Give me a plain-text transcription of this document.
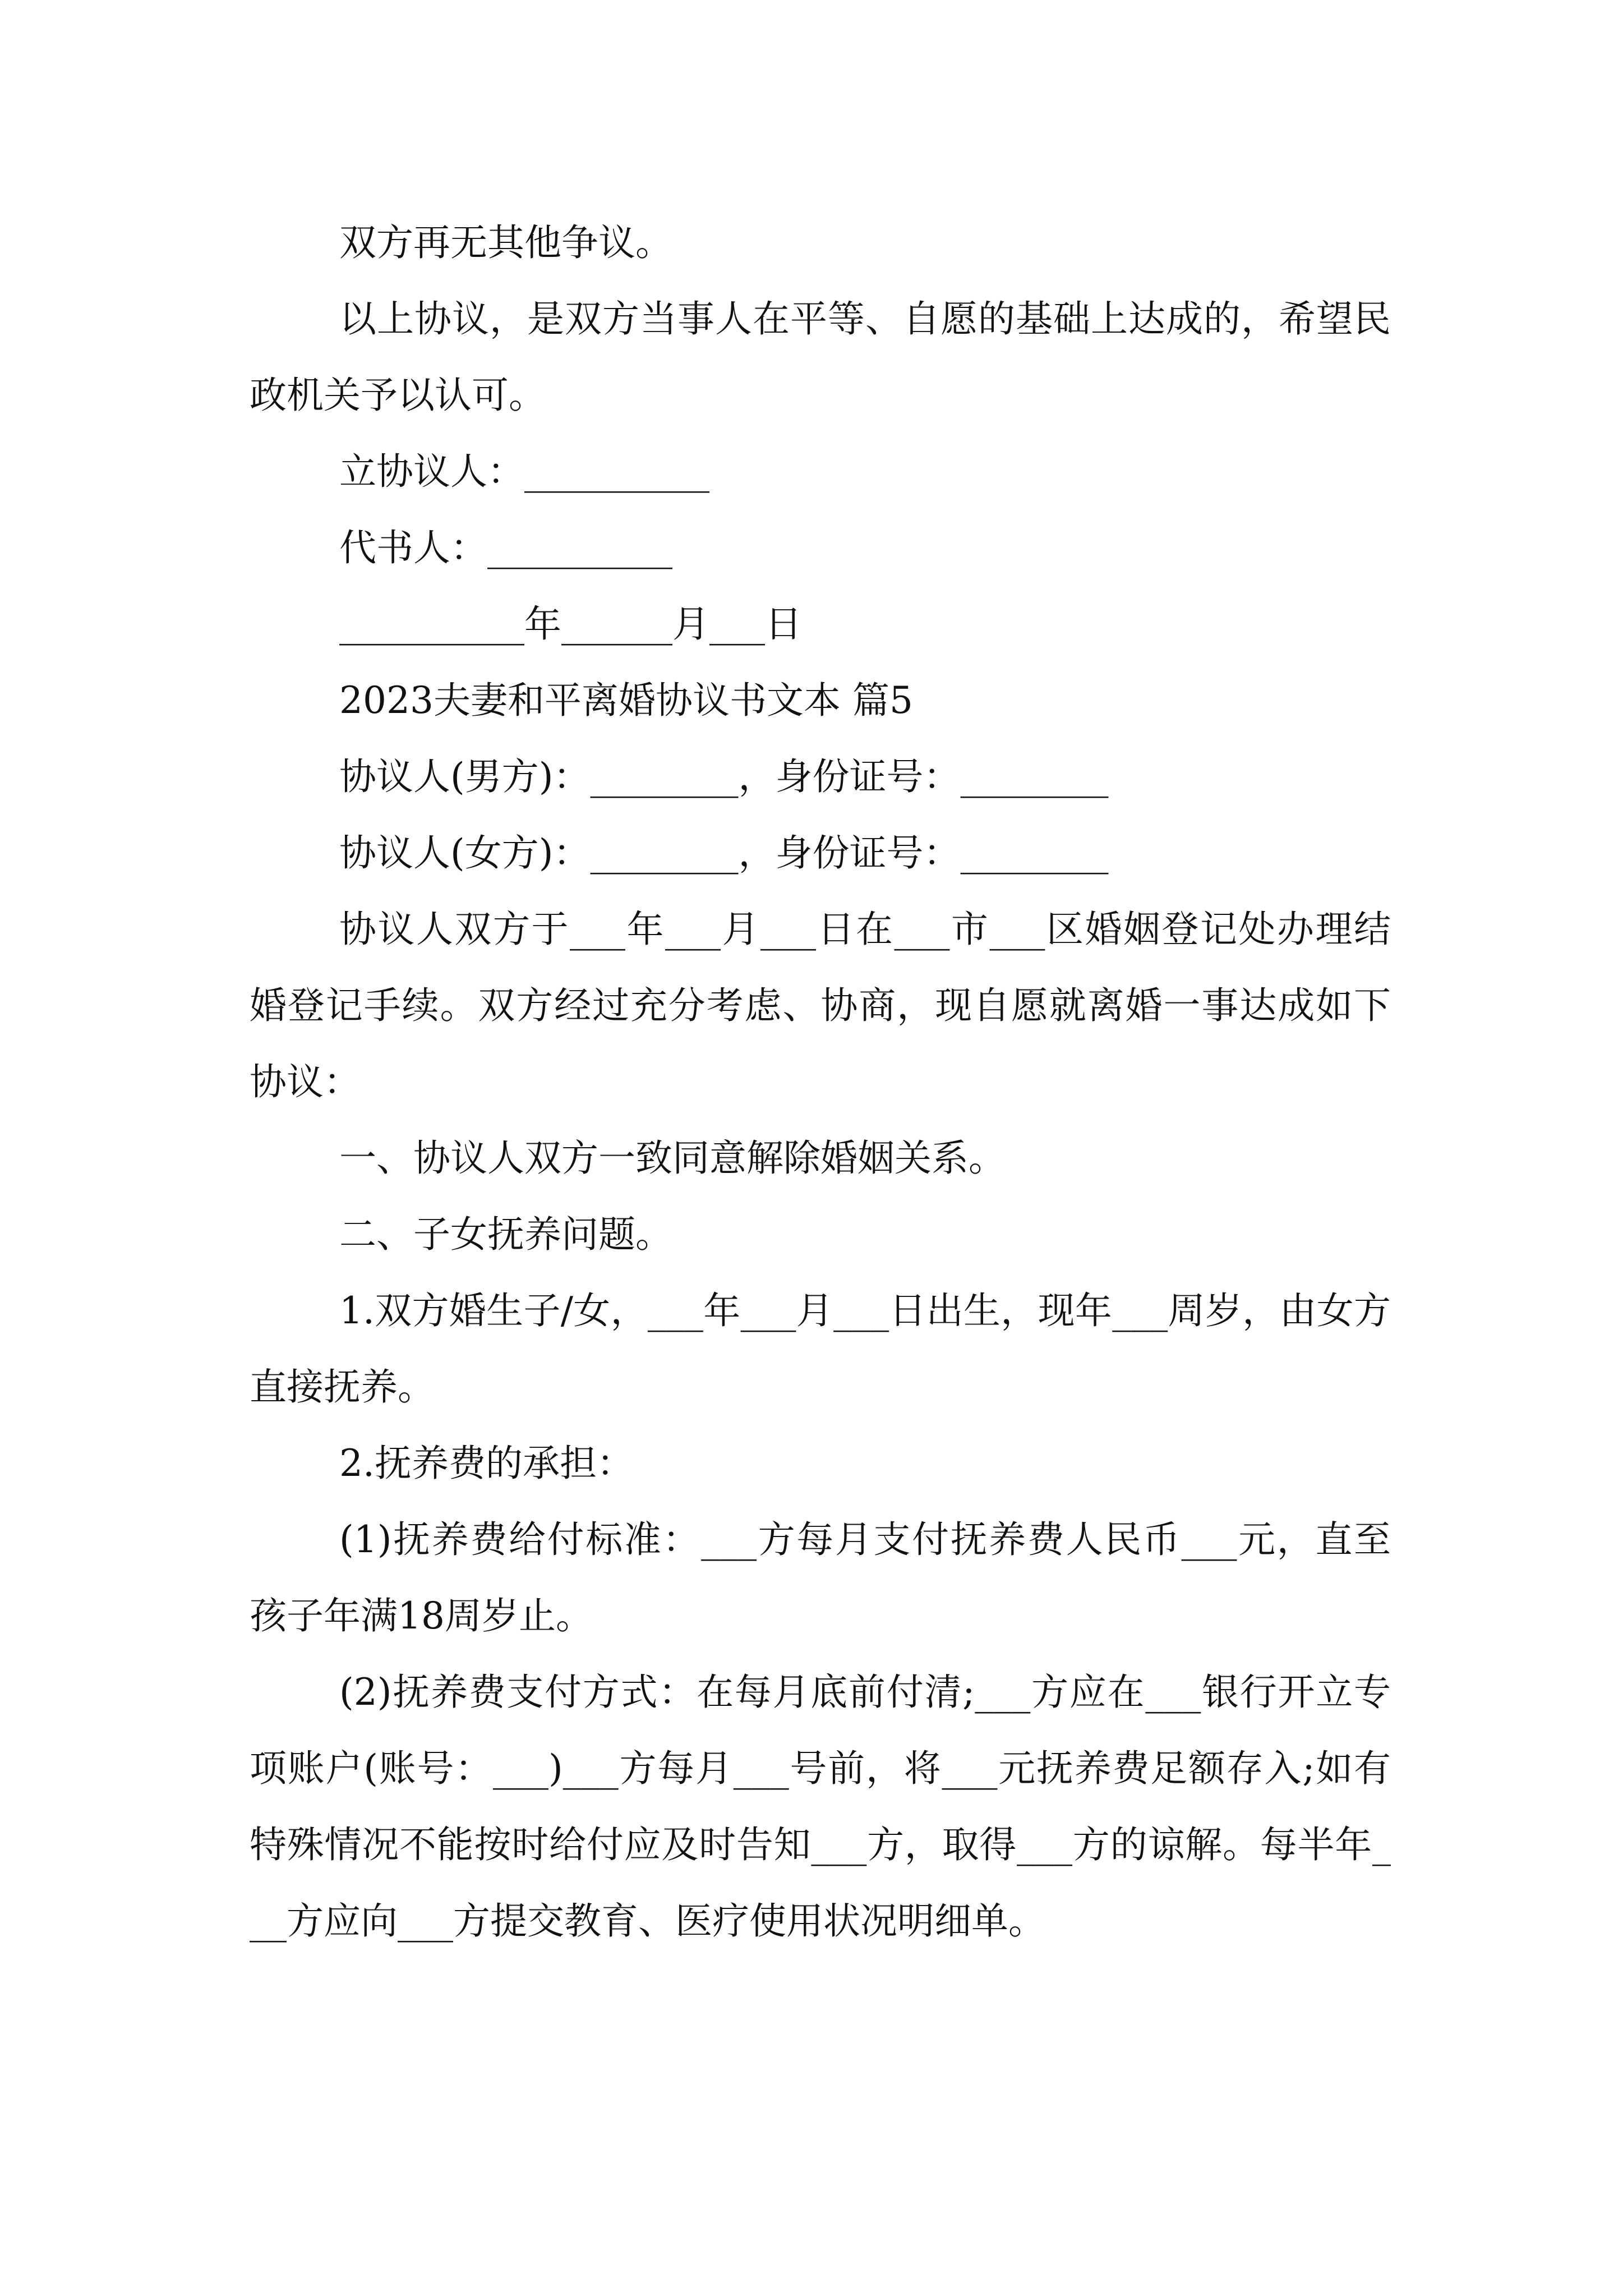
双方再无其他争议。

以上协议，是双方当事人在平等、自愿的基础上达成的，希望民政机关予以认可。

立协议人：__________

代书人：__________

__________年______月___日

2023夫妻和平离婚协议书文本 篇5

协议人(男方)：________，身份证号：________

协议人(女方)：________，身份证号：________

协议人双方于___年___月___日在___市___区婚姻登记处办理结婚登记手续。双方经过充分考虑、协商，现自愿就离婚一事达成如下协议：

一、协议人双方一致同意解除婚姻关系。

二、子女抚养问题。

1.双方婚生子/女，___年___月___日出生，现年___周岁，由女方直接抚养。

2.抚养费的承担：

(1)抚养费给付标准：___方每月支付抚养费人民币___元，直至孩子年满18周岁止。

(2)抚养费支付方式：在每月底前付清;___方应在___银行开立专项账户(账号：___)___方每月___号前，将___元抚养费足额存入;如有特殊情况不能按时给付应及时告知___方，取得___方的谅解。每半年___方应向___方提交教育、医疗使用状况明细单。
